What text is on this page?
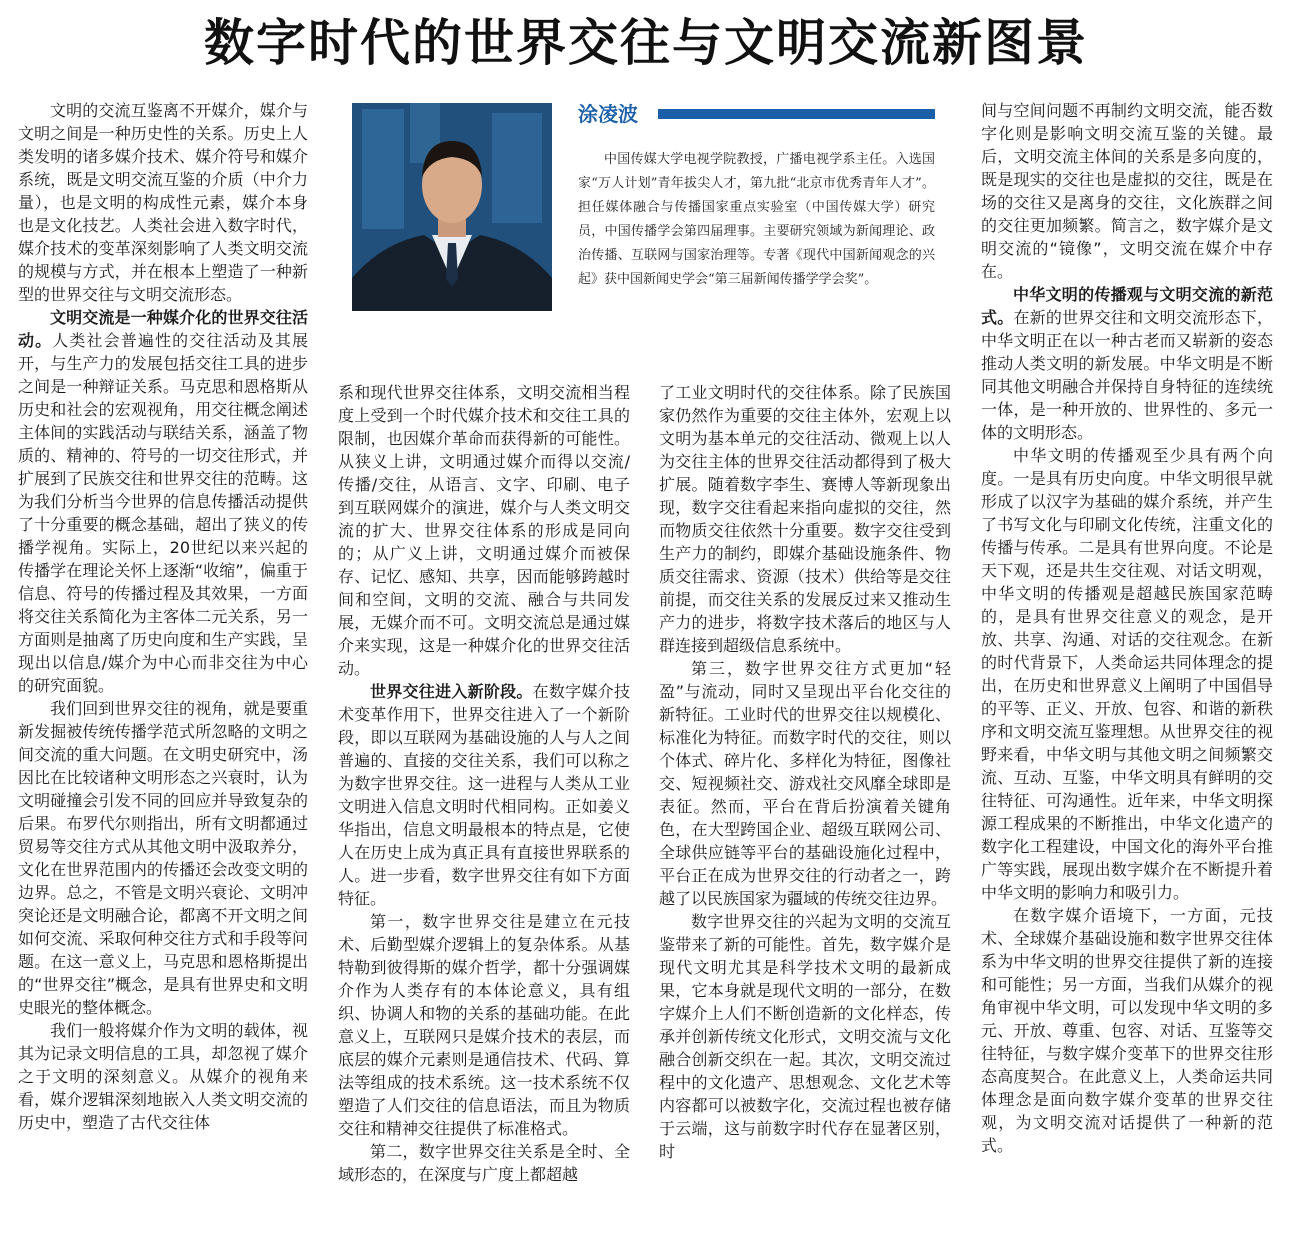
数字时代的世界交往与文明交流新图景

文明的交流互鉴离不开媒介，媒介与文明之间是一种历史性的关系。历史上人类发明的诸多媒介技术、媒介符号和媒介系统，既是文明交流互鉴的介质（中介力量），也是文明的构成性元素，媒介本身也是文化技艺。人类社会进入数字时代，媒介技术的变革深刻影响了人类文明交流的规模与方式，并在根本上塑造了一种新型的世界交往与文明交流形态。

文明交流是一种媒介化的世界交往活动。人类社会普遍性的交往活动及其展开，与生产力的发展包括交往工具的进步之间是一种辩证关系。马克思和恩格斯从历史和社会的宏观视角，用交往概念阐述主体间的实践活动与联结关系，涵盖了物质的、精神的、符号的一切交往形式，并扩展到了民族交往和世界交往的范畴。这为我们分析当今世界的信息传播活动提供了十分重要的概念基础，超出了狭义的传播学视角。实际上，20世纪以来兴起的传播学在理论关怀上逐渐“收缩”，偏重于信息、符号的传播过程及其效果，一方面将交往关系简化为主客体二元关系，另一方面则是抽离了历史向度和生产实践，呈现出以信息/媒介为中心而非交往为中心的研究面貌。

我们回到世界交往的视角，就是要重新发掘被传统传播学范式所忽略的文明之间交流的重大问题。在文明史研究中，汤因比在比较诸种文明形态之兴衰时，认为文明碰撞会引发不同的回应并导致复杂的后果。布罗代尔则指出，所有文明都通过贸易等交往方式从其他文明中汲取养分，文化在世界范围内的传播还会改变文明的边界。总之，不管是文明兴衰论、文明冲突论还是文明融合论，都离不开文明之间如何交流、采取何种交往方式和手段等问题。在这一意义上，马克思和恩格斯提出的“世界交往”概念，是具有世界史和文明史眼光的整体概念。

我们一般将媒介作为文明的载体，视其为记录文明信息的工具，却忽视了媒介之于文明的深刻意义。从媒介的视角来看，媒介逻辑深刻地嵌入人类文明交流的历史中，塑造了古代交往体

涂凌波

中国传媒大学电视学院教授，广播电视学系主任。入选国家“万人计划”青年拔尖人才，第九批“北京市优秀青年人才”。担任媒体融合与传播国家重点实验室（中国传媒大学）研究员，中国传播学会第四届理事。主要研究领域为新闻理论、政治传播、互联网与国家治理等。专著《现代中国新闻观念的兴起》获中国新闻史学会“第三届新闻传播学学会奖”。

系和现代世界交往体系，文明交流相当程度上受到一个时代媒介技术和交往工具的限制，也因媒介革命而获得新的可能性。从狭义上讲，文明通过媒介而得以交流/传播/交往，从语言、文字、印刷、电子到互联网媒介的演进，媒介与人类文明交流的扩大、世界交往体系的形成是同向的；从广义上讲，文明通过媒介而被保存、记忆、感知、共享，因而能够跨越时间和空间，文明的交流、融合与共同发展，无媒介而不可。文明交流总是通过媒介来实现，这是一种媒介化的世界交往活动。

世界交往进入新阶段。在数字媒介技术变革作用下，世界交往进入了一个新阶段，即以互联网为基础设施的人与人之间普遍的、直接的交往关系，我们可以称之为数字世界交往。这一进程与人类从工业文明进入信息文明时代相同构。正如姜义华指出，信息文明最根本的特点是，它使人在历史上成为真正具有直接世界联系的人。进一步看，数字世界交往有如下方面特征。

第一，数字世界交往是建立在元技术、后勤型媒介逻辑上的复杂体系。从基特勒到彼得斯的媒介哲学，都十分强调媒介作为人类存有的本体论意义，具有组织、协调人和物的关系的基础功能。在此意义上，互联网只是媒介技术的表层，而底层的媒介元素则是通信技术、代码、算法等组成的技术系统。这一技术系统不仅塑造了人们交往的信息语法，而且为物质交往和精神交往提供了标准格式。

第二，数字世界交往关系是全时、全域形态的，在深度与广度上都超越

了工业文明时代的交往体系。除了民族国家仍然作为重要的交往主体外，宏观上以文明为基本单元的交往活动、微观上以人为交往主体的世界交往活动都得到了极大扩展。随着数字李生、赛博人等新现象出现，数字交往看起来指向虚拟的交往，然而物质交往依然十分重要。数字交往受到生产力的制约，即媒介基础设施条件、物质交往需求、资源（技术）供给等是交往前提，而交往关系的发展反过来又推动生产力的进步，将数字技术落后的地区与人群连接到超级信息系统中。

第三，数字世界交往方式更加“轻盈”与流动，同时又呈现出平台化交往的新特征。工业时代的世界交往以规模化、标准化为特征。而数字时代的交往，则以个体式、碎片化、多样化为特征，图像社交、短视频社交、游戏社交风靡全球即是表征。然而，平台在背后扮演着关键角色，在大型跨国企业、超级互联网公司、全球供应链等平台的基础设施化过程中，平台正在成为世界交往的行动者之一，跨越了以民族国家为疆域的传统交往边界。

数字世界交往的兴起为文明的交流互鉴带来了新的可能性。首先，数字媒介是现代文明尤其是科学技术文明的最新成果，它本身就是现代文明的一部分，在数字媒介上人们不断创造新的文化样态，传承并创新传统文化形式，文明交流与文化融合创新交织在一起。其次，文明交流过程中的文化遗产、思想观念、文化艺术等内容都可以被数字化，交流过程也被存储于云端，这与前数字时代存在显著区别，时

间与空间问题不再制约文明交流，能否数字化则是影响文明交流互鉴的关键。最后，文明交流主体间的关系是多向度的，既是现实的交往也是虚拟的交往，既是在场的交往又是离身的交往，文化族群之间的交往更加频繁。简言之，数字媒介是文明交流的“镜像”，文明交流在媒介中存在。

中华文明的传播观与文明交流的新范式。在新的世界交往和文明交流形态下，中华文明正在以一种古老而又崭新的姿态推动人类文明的新发展。中华文明是不断同其他文明融合并保持自身特征的连续统一体，是一种开放的、世界性的、多元一体的文明形态。

中华文明的传播观至少具有两个向度。一是具有历史向度。中华文明很早就形成了以汉字为基础的媒介系统，并产生了书写文化与印刷文化传统，注重文化的传播与传承。二是具有世界向度。不论是天下观，还是共生交往观、对话文明观，中华文明的传播观是超越民族国家范畴的，是具有世界交往意义的观念，是开放、共享、沟通、对话的交往观念。在新的时代背景下，人类命运共同体理念的提出，在历史和世界意义上阐明了中国倡导的平等、正义、开放、包容、和谐的新秩序和文明交流互鉴理想。从世界交往的视野来看，中华文明与其他文明之间频繁交流、互动、互鉴，中华文明具有鲜明的交往特征、可沟通性。近年来，中华文明探源工程成果的不断推出，中华文化遗产的数字化工程建设，中国文化的海外平台推广等实践，展现出数字媒介在不断提升着中华文明的影响力和吸引力。

在数字媒介语境下，一方面，元技术、全球媒介基础设施和数字世界交往体系为中华文明的世界交往提供了新的连接和可能性；另一方面，当我们从媒介的视角审视中华文明，可以发现中华文明的多元、开放、尊重、包容、对话、互鉴等交往特征，与数字媒介变革下的世界交往形态高度契合。在此意义上，人类命运共同体理念是面向数字媒介变革的世界交往观，为文明交流对话提供了一种新的范式。
